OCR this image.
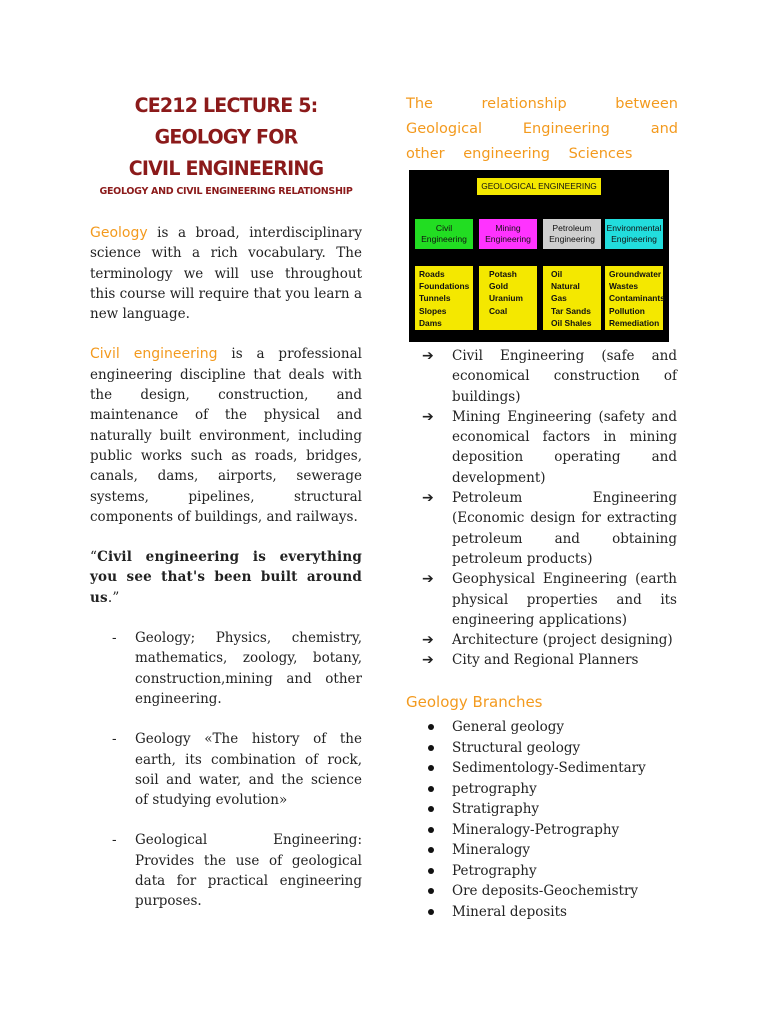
CE212 LECTURE 5: GEOLOGY FOR
CIVIL ENGINEERING
GEOLOGY AND CIVIL ENGINEERING RELATIONSHIP

Geology is a broad, interdisciplinary science with a rich vocabulary. The terminology we will use throughout this course will require that you learn a new language.

Civil engineering is a professional engineering discipline that deals with the design, construction, and maintenance of the physical and naturally built environment, including public works such as roads, bridges, canals, dams, airports, sewerage systems, pipelines, structural components of buildings, and railways.

“Civil engineering is everything you see that's been built around us.”

- Geology; Physics, chemistry, mathematics, zoology, botany, construction,mining and other engineering.
- Geology «The history of the earth, its combination of rock, soil and water, and the science of studying evolution»
- Geological Engineering: Provides the use of geological data for practical engineering purposes.
The relationship between Geological Engineering and other engineering Sciences
GEOLOGICAL ENGINEERING
Civil Engineering
Mining Engineering
Petroleum Engineering
Environmental Engineering
Roads
Foundations
Tunnels
Slopes
Dams
Potash
Gold
Uranium
Coal
Oil
Natural Gas
Tar Sands
Oil Shales
Groundwater
Wastes
Contaminants
Pollution
Remediation
➔ Civil Engineering (safe and economical construction of buildings)
➔ Mining Engineering (safety and economical factors in mining deposition operating and development)
➔ Petroleum Engineering (Economic design for extracting petroleum and obtaining petroleum products)
➔ Geophysical Engineering (earth physical properties and its engineering applications)
➔ Architecture (project designing)
➔ City and Regional Planners
Geology Branches
General geology
Structural geology
Sedimentology-Sedimentary
petrography
Stratigraphy
Mineralogy-Petrography
Mineralogy
Petrography
Ore deposits-Geochemistry
Mineral deposits
